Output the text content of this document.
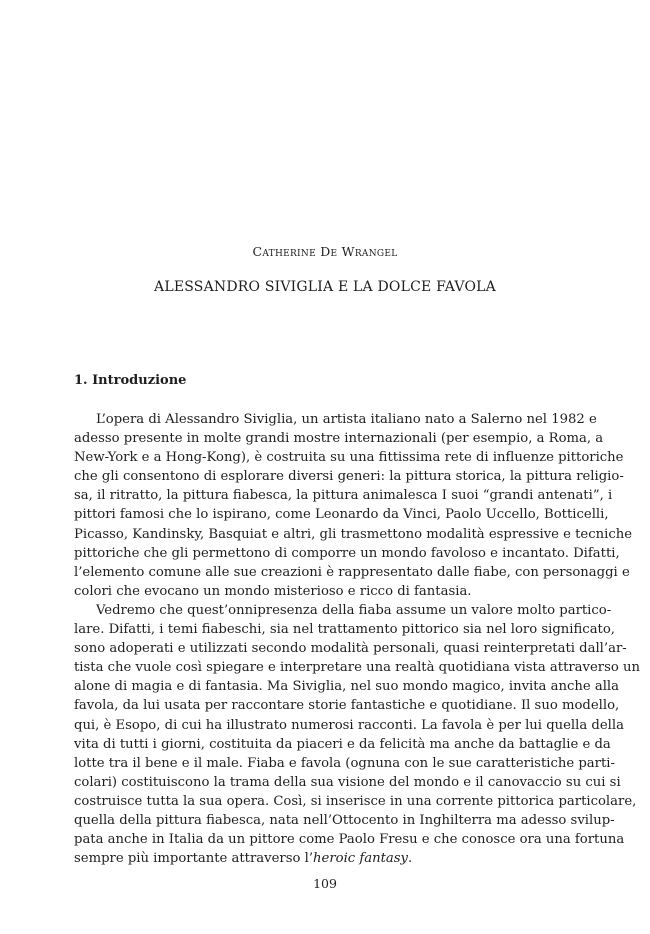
Catherine De Wrangel
ALESSANDRO SIVIGLIA E LA DOLCE FAVOLA
1. Introduzione
L’opera di Alessandro Siviglia, un artista italiano nato a Salerno nel 1982 e
adesso presente in molte grandi mostre internazionali (per esempio, a Roma, a
New-York e a Hong-Kong), è costruita su una fittissima rete di influenze pittoriche
che gli consentono di esplorare diversi generi: la pittura storica, la pittura religio-
sa, il ritratto, la pittura fiabesca, la pittura animalesca I suoi “grandi antenati”, i
pittori famosi che lo ispirano, come Leonardo da Vinci, Paolo Uccello, Botticelli,
Picasso, Kandinsky, Basquiat e altri, gli trasmettono modalità espressive e tecniche
pittoriche che gli permettono di comporre un mondo favoloso e incantato. Difatti,
l’elemento comune alle sue creazioni è rappresentato dalle fiabe, con personaggi e
colori che evocano un mondo misterioso e ricco di fantasia.
Vedremo che quest’onnipresenza della fiaba assume un valore molto partico-
lare. Difatti, i temi fiabeschi, sia nel trattamento pittorico sia nel loro significato,
sono adoperati e utilizzati secondo modalità personali, quasi reinterpretati dall’ar-
tista che vuole così spiegare e interpretare una realtà quotidiana vista attraverso un
alone di magia e di fantasia. Ma Siviglia, nel suo mondo magico, invita anche alla
favola, da lui usata per raccontare storie fantastiche e quotidiane. Il suo modello,
qui, è Esopo, di cui ha illustrato numerosi racconti. La favola è per lui quella della
vita di tutti i giorni, costituita da piaceri e da felicità ma anche da battaglie e da
lotte tra il bene e il male. Fiaba e favola (ognuna con le sue caratteristiche parti-
colari) costituiscono la trama della sua visione del mondo e il canovaccio su cui si
costruisce tutta la sua opera. Così, si inserisce in una corrente pittorica particolare,
quella della pittura fiabesca, nata nell’Ottocento in Inghilterra ma adesso svilup-
pata anche in Italia da un pittore come Paolo Fresu e che conosce ora una fortuna
sempre più importante attraverso l’heroic fantasy.
109
